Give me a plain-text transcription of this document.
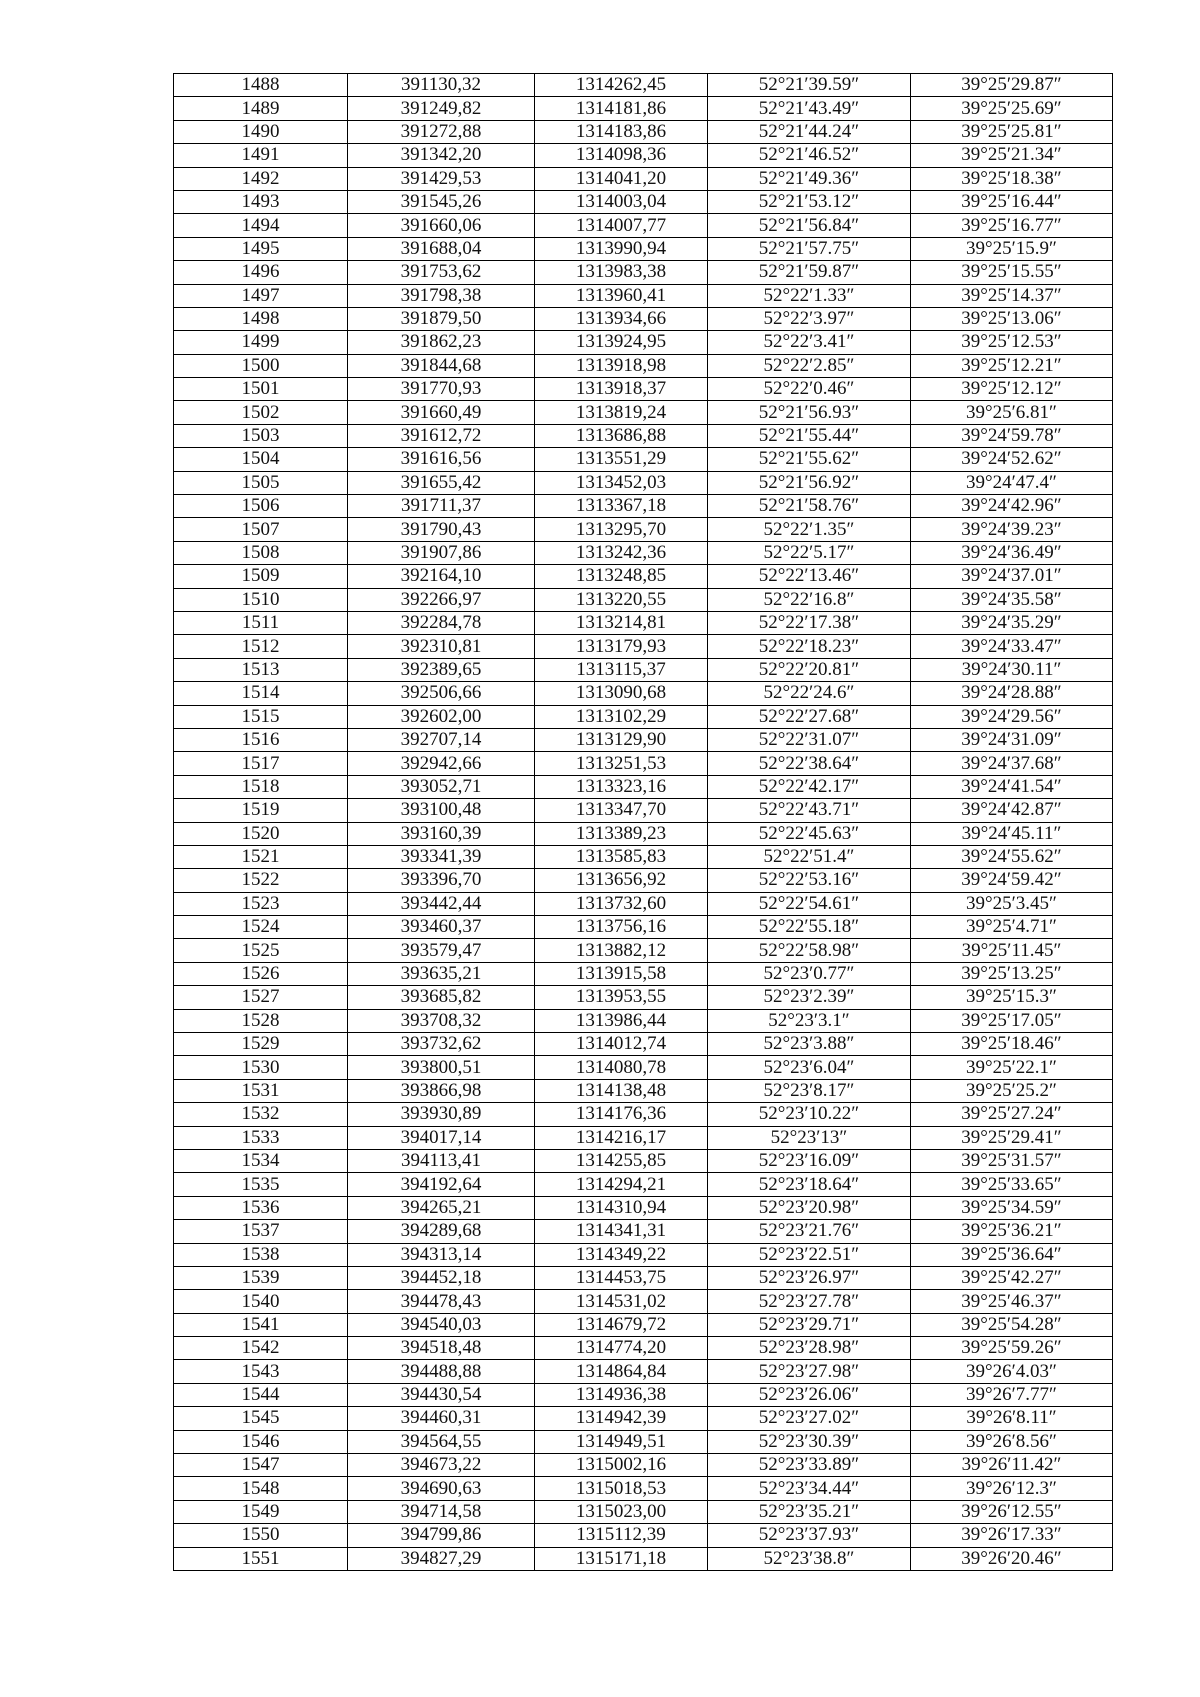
1488	391130,32	1314262,45	52°21′39.59″	39°25′29.87″
1489	391249,82	1314181,86	52°21′43.49″	39°25′25.69″
1490	391272,88	1314183,86	52°21′44.24″	39°25′25.81″
1491	391342,20	1314098,36	52°21′46.52″	39°25′21.34″
1492	391429,53	1314041,20	52°21′49.36″	39°25′18.38″
1493	391545,26	1314003,04	52°21′53.12″	39°25′16.44″
1494	391660,06	1314007,77	52°21′56.84″	39°25′16.77″
1495	391688,04	1313990,94	52°21′57.75″	39°25′15.9″
1496	391753,62	1313983,38	52°21′59.87″	39°25′15.55″
1497	391798,38	1313960,41	52°22′1.33″	39°25′14.37″
1498	391879,50	1313934,66	52°22′3.97″	39°25′13.06″
1499	391862,23	1313924,95	52°22′3.41″	39°25′12.53″
1500	391844,68	1313918,98	52°22′2.85″	39°25′12.21″
1501	391770,93	1313918,37	52°22′0.46″	39°25′12.12″
1502	391660,49	1313819,24	52°21′56.93″	39°25′6.81″
1503	391612,72	1313686,88	52°21′55.44″	39°24′59.78″
1504	391616,56	1313551,29	52°21′55.62″	39°24′52.62″
1505	391655,42	1313452,03	52°21′56.92″	39°24′47.4″
1506	391711,37	1313367,18	52°21′58.76″	39°24′42.96″
1507	391790,43	1313295,70	52°22′1.35″	39°24′39.23″
1508	391907,86	1313242,36	52°22′5.17″	39°24′36.49″
1509	392164,10	1313248,85	52°22′13.46″	39°24′37.01″
1510	392266,97	1313220,55	52°22′16.8″	39°24′35.58″
1511	392284,78	1313214,81	52°22′17.38″	39°24′35.29″
1512	392310,81	1313179,93	52°22′18.23″	39°24′33.47″
1513	392389,65	1313115,37	52°22′20.81″	39°24′30.11″
1514	392506,66	1313090,68	52°22′24.6″	39°24′28.88″
1515	392602,00	1313102,29	52°22′27.68″	39°24′29.56″
1516	392707,14	1313129,90	52°22′31.07″	39°24′31.09″
1517	392942,66	1313251,53	52°22′38.64″	39°24′37.68″
1518	393052,71	1313323,16	52°22′42.17″	39°24′41.54″
1519	393100,48	1313347,70	52°22′43.71″	39°24′42.87″
1520	393160,39	1313389,23	52°22′45.63″	39°24′45.11″
1521	393341,39	1313585,83	52°22′51.4″	39°24′55.62″
1522	393396,70	1313656,92	52°22′53.16″	39°24′59.42″
1523	393442,44	1313732,60	52°22′54.61″	39°25′3.45″
1524	393460,37	1313756,16	52°22′55.18″	39°25′4.71″
1525	393579,47	1313882,12	52°22′58.98″	39°25′11.45″
1526	393635,21	1313915,58	52°23′0.77″	39°25′13.25″
1527	393685,82	1313953,55	52°23′2.39″	39°25′15.3″
1528	393708,32	1313986,44	52°23′3.1″	39°25′17.05″
1529	393732,62	1314012,74	52°23′3.88″	39°25′18.46″
1530	393800,51	1314080,78	52°23′6.04″	39°25′22.1″
1531	393866,98	1314138,48	52°23′8.17″	39°25′25.2″
1532	393930,89	1314176,36	52°23′10.22″	39°25′27.24″
1533	394017,14	1314216,17	52°23′13″	39°25′29.41″
1534	394113,41	1314255,85	52°23′16.09″	39°25′31.57″
1535	394192,64	1314294,21	52°23′18.64″	39°25′33.65″
1536	394265,21	1314310,94	52°23′20.98″	39°25′34.59″
1537	394289,68	1314341,31	52°23′21.76″	39°25′36.21″
1538	394313,14	1314349,22	52°23′22.51″	39°25′36.64″
1539	394452,18	1314453,75	52°23′26.97″	39°25′42.27″
1540	394478,43	1314531,02	52°23′27.78″	39°25′46.37″
1541	394540,03	1314679,72	52°23′29.71″	39°25′54.28″
1542	394518,48	1314774,20	52°23′28.98″	39°25′59.26″
1543	394488,88	1314864,84	52°23′27.98″	39°26′4.03″
1544	394430,54	1314936,38	52°23′26.06″	39°26′7.77″
1545	394460,31	1314942,39	52°23′27.02″	39°26′8.11″
1546	394564,55	1314949,51	52°23′30.39″	39°26′8.56″
1547	394673,22	1315002,16	52°23′33.89″	39°26′11.42″
1548	394690,63	1315018,53	52°23′34.44″	39°26′12.3″
1549	394714,58	1315023,00	52°23′35.21″	39°26′12.55″
1550	394799,86	1315112,39	52°23′37.93″	39°26′17.33″
1551	394827,29	1315171,18	52°23′38.8″	39°26′20.46″
